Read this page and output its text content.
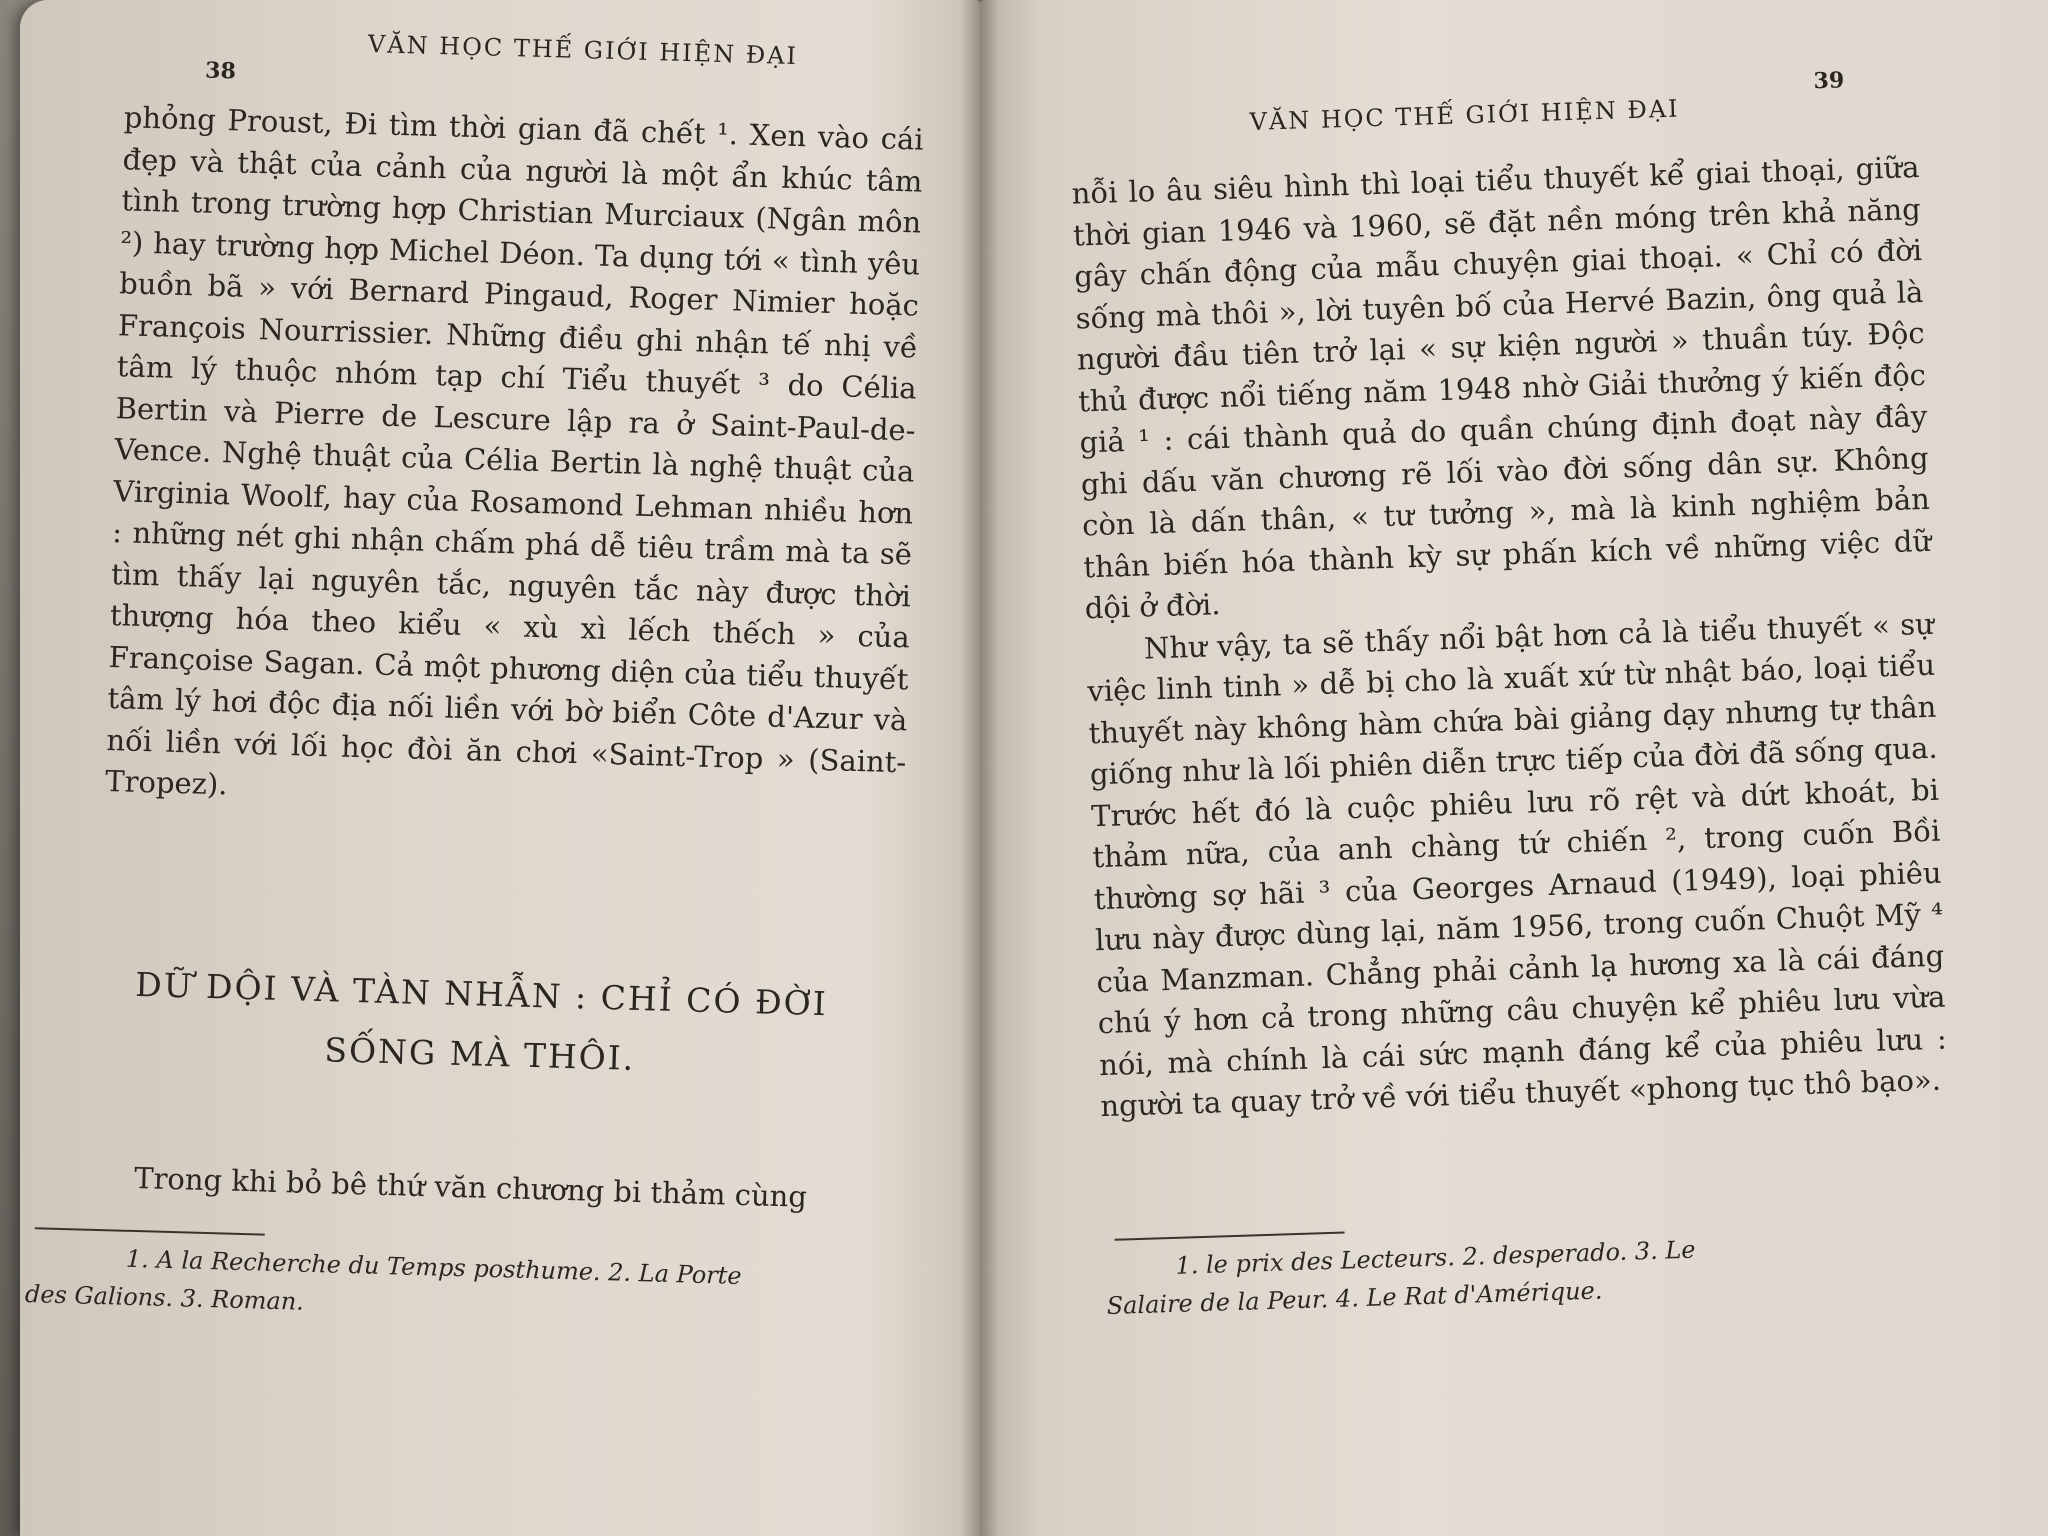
38
VĂN HỌC THẾ GIỚI HIỆN ĐẠI

phỏng Proust, Đi tìm thời gian đã chết ¹. Xen vào cái đẹp và thật của cảnh của người là một ẩn khúc tâm tình trong trường hợp Christian Murciaux (Ngân môn ²) hay trường hợp Michel Déon. Ta dụng tới « tình yêu buồn bã » với Bernard Pingaud, Roger Nimier hoặc François Nourrissier. Những điều ghi nhận tế nhị về tâm lý thuộc nhóm tạp chí Tiểu thuyết ³ do Célia Bertin và Pierre de Lescure lập ra ở Saint-Paul-de-Vence. Nghệ thuật của Célia Bertin là nghệ thuật của Virginia Woolf, hay của Rosamond Lehman nhiều hơn : những nét ghi nhận chấm phá dễ tiêu trầm mà ta sẽ tìm thấy lại nguyên tắc, nguyên tắc này được thời thượng hóa theo kiểu « xù xì lếch thếch » của Françoise Sagan. Cả một phương diện của tiểu thuyết tâm lý hơi độc địa nối liền với bờ biển Côte d'Azur và nối liền với lối học đòi ăn chơi «Saint-Trop » (Saint-Tropez).

DỮ DỘI VÀ TÀN NHẪN : CHỈ CÓ ĐỜI
SỐNG MÀ THÔI.

Trong khi bỏ bê thứ văn chương bi thảm cùng

1. A la Recherche du Temps posthume. 2. La Porte
des Galions. 3. Roman.
39
VĂN HỌC THẾ GIỚI HIỆN ĐẠI

nỗi lo âu siêu hình thì loại tiểu thuyết kể giai thoại, giữa thời gian 1946 và 1960, sẽ đặt nền móng trên khả năng gây chấn động của mẫu chuyện giai thoại. « Chỉ có đời sống mà thôi », lời tuyên bố của Hervé Bazin, ông quả là người đầu tiên trở lại « sự kiện người » thuần túy. Độc thủ được nổi tiếng năm 1948 nhờ Giải thưởng ý kiến độc giả ¹ : cái thành quả do quần chúng định đoạt này đây ghi dấu văn chương rẽ lối vào đời sống dân sự. Không còn là dấn thân, « tư tưởng », mà là kinh nghiệm bản thân biến hóa thành kỳ sự phấn kích về những việc dữ dội ở đời.

Như vậy, ta sẽ thấy nổi bật hơn cả là tiểu thuyết « sự việc linh tinh » dễ bị cho là xuất xứ từ nhật báo, loại tiểu thuyết này không hàm chứa bài giảng dạy nhưng tự thân giống như là lối phiên diễn trực tiếp của đời đã sống qua. Trước hết đó là cuộc phiêu lưu rõ rệt và dứt khoát, bi thảm nữa, của anh chàng tứ chiến ², trong cuốn Bồi thường sợ hãi ³ của Georges Arnaud (1949), loại phiêu lưu này được dùng lại, năm 1956, trong cuốn Chuột Mỹ ⁴ của Manzman. Chẳng phải cảnh lạ hương xa là cái đáng chú ý hơn cả trong những câu chuyện kể phiêu lưu vừa nói, mà chính là cái sức mạnh đáng kể của phiêu lưu : người ta quay trở về với tiểu thuyết «phong tục thô bạo».

1. le prix des Lecteurs. 2. desperado. 3. Le
Salaire de la Peur. 4. Le Rat d'Amérique.
